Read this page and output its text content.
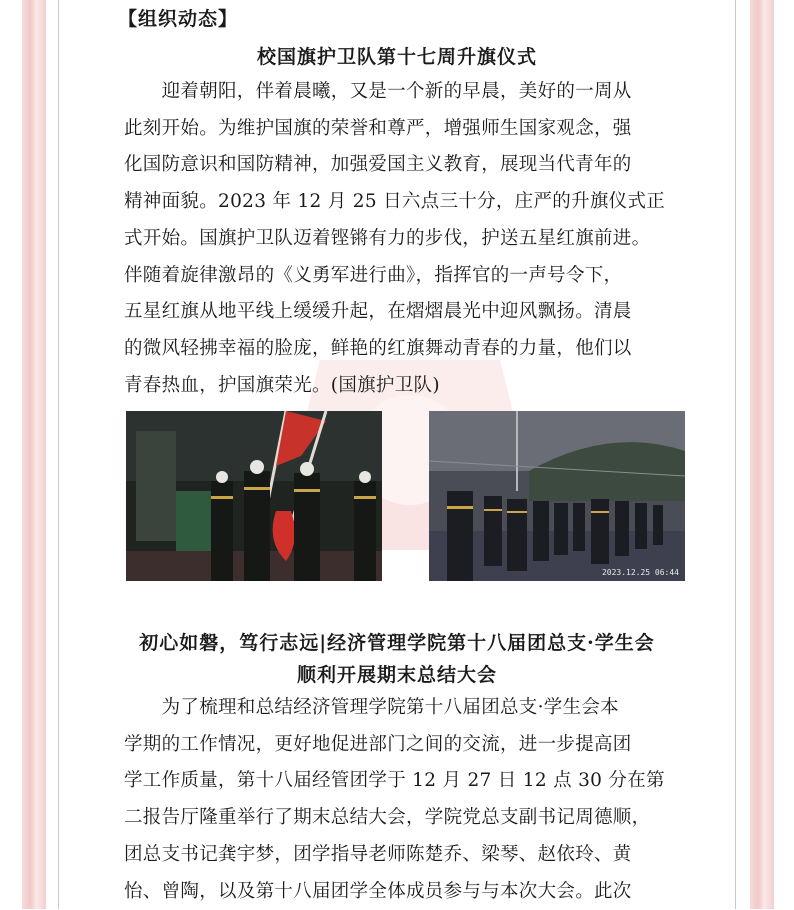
【组织动态】
校国旗护卫队第十七周升旗仪式
　　迎着朝阳，伴着晨曦，又是一个新的早晨，美好的一周从
此刻开始。为维护国旗的荣誉和尊严，增强师生国家观念，强
化国防意识和国防精神，加强爱国主义教育，展现当代青年的
精神面貌。2023 年 12 月 25 日六点三十分，庄严的升旗仪式正
式开始。国旗护卫队迈着铿锵有力的步伐，护送五星红旗前进。
伴随着旋律激昂的《义勇军进行曲》，指挥官的一声号令下，
五星红旗从地平线上缓缓升起，在熠熠晨光中迎风飘扬。清晨
的微风轻拂幸福的脸庞，鲜艳的红旗舞动青春的力量，他们以
青春热血，护国旗荣光。(国旗护卫队)
2023.12.25 06:44
初心如磐，笃行志远|经济管理学院第十八届团总支·学生会
顺利开展期末总结大会
　　为了梳理和总结经济管理学院第十八届团总支·学生会本
学期的工作情况，更好地促进部门之间的交流，进一步提高团
学工作质量，第十八届经管团学于 12 月 27 日 12 点 30 分在第
二报告厅隆重举行了期末总结大会，学院党总支副书记周德顺，
团总支书记龚宇梦，团学指导老师陈楚乔、梁琴、赵依玲、黄
怡、曾陶，以及第十八届团学全体成员参与与本次大会。此次
